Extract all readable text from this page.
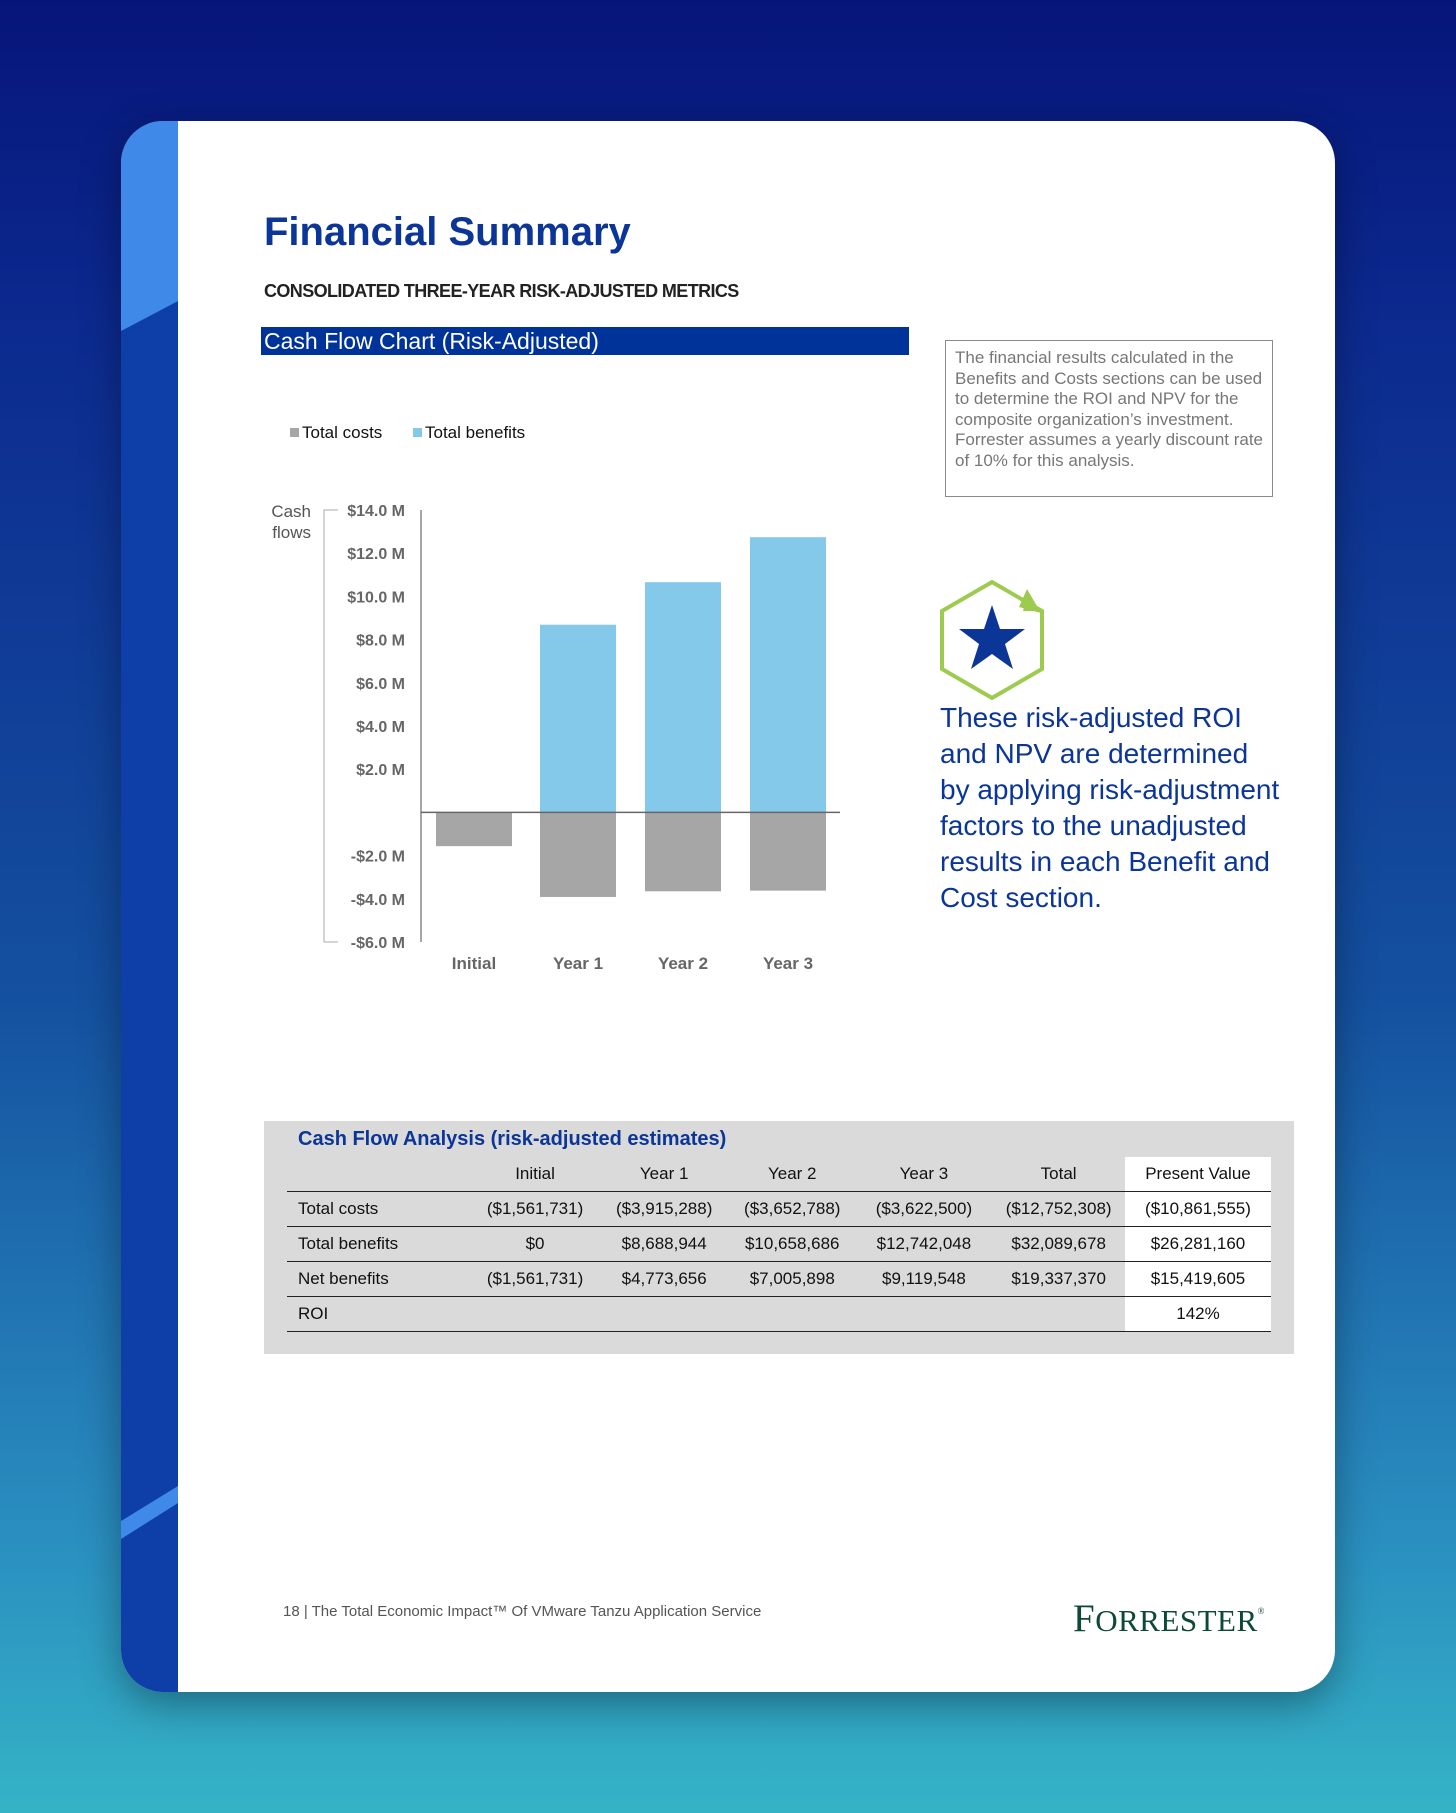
Financial Summary
CONSOLIDATED THREE-YEAR RISK-ADJUSTED METRICS
Cash Flow Chart (Risk-Adjusted)
Total costs	Total benefits
Cash
flows
$14.0 M
$12.0 M
$10.0 M
$8.0 M
$6.0 M
$4.0 M
$2.0 M
-$2.0 M
-$4.0 M
-$6.0 M
Initial	Year 1	Year 2	Year 3
The financial results calculated in the Benefits and Costs sections can be used to determine the ROI and NPV for the composite organization’s investment. Forrester assumes a yearly discount rate of 10% for this analysis.
These risk-adjusted ROI and NPV are determined by applying risk-adjustment factors to the unadjusted results in each Benefit and Cost section.
Cash Flow Analysis (risk-adjusted estimates)
	Initial	Year 1	Year 2	Year 3	Total	Present Value
Total costs	($1,561,731)	($3,915,288)	($3,652,788)	($3,622,500)	($12,752,308)	($10,861,555)
Total benefits	$0	$8,688,944	$10,658,686	$12,742,048	$32,089,678	$26,281,160
Net benefits	($1,561,731)	$4,773,656	$7,005,898	$9,119,548	$19,337,370	$15,419,605
ROI						142%
18 | The Total Economic Impact™ Of VMware Tanzu Application Service	FORRESTER®
